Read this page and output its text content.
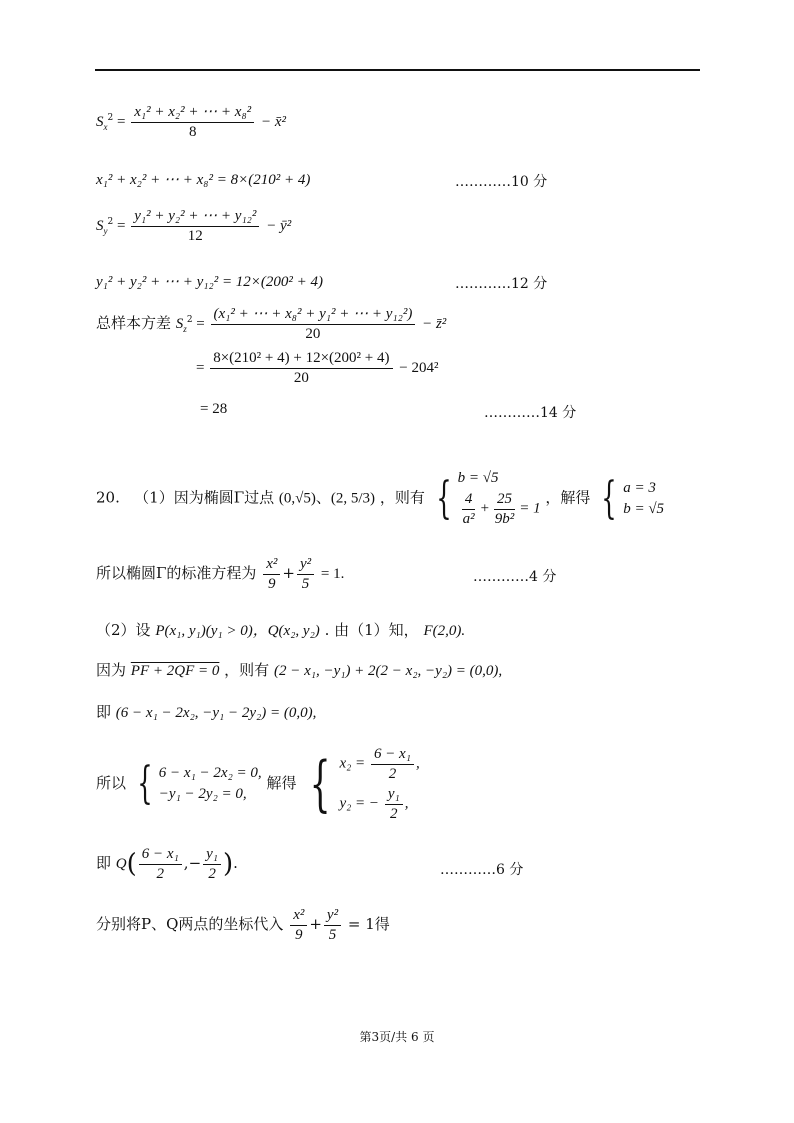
$S_x^2 = \frac{\text{x₁² + x₂² + ⋯ + x₈²}}{8}$ − x̄²
x₁² + x₂² + ⋯ + x₈² = 8×(210² + 4)	…………10 分
$S_y^2 = \frac{\text{y₁² + y₂² + ⋯ + y₁₂²}}{12}$ − ȳ²
y₁² + y₂² + ⋯ + y₁₂² = 12×(200² + 4)	…………12 分
总样本方差 $S_z^2 = \frac{\text{(x₁² + ⋯ + x₈² + y₁² + ⋯ + y₁₂²)}}{20}$ − z̄²
= $\frac{\text{8×(210² + 4) + 12×(200² + 4)}}{20} - 204^2$
= 28	…………14 分
20. （1）因为椭圆Γ过点 (0,√5)、(2, 5/3) ，则有 { b = √5
$\frac{4}{\text{a²}} + \frac{25}{\text{9b²}} = 1$
，解得 { a = 3
b = √5
所以椭圆Γ的标准方程为 $\frac{\text{x²}}{9} + \frac{\text{y²}}{5} = 1$.	…………4 分
（2）设 P(x₁, y₁)(y₁ > 0)，Q(x₂, y₂) . 由（1）知， F(2,0).
因为 PF + 2QF = 0 ，则有 (2 − x₁, −y₁) + 2(2 − x₂, −y₂) = (0,0),
即 (6 − x₁ − 2x₂, −y₁ − 2y₂) = (0,0),
所以 { 6 − x₁ − 2x₂ = 0,
−y₁ − 2y₂ = 0,
解得 { $x_2 = \frac{\text{6 − x₁}}{2}$ ,
y₂ = − $\frac{\text{y₁}}{2}$ ,
即 $Q( \frac{\text{6 − x₁}}{2}$ ,− $\frac{\text{y₁}}{2}$ ).	…………6 分
分别将P、Q两点的坐标代入 $\frac{\text{x²}}{9} + \frac{\text{y²}}{5} = 1$得
第3页/共 6 页
